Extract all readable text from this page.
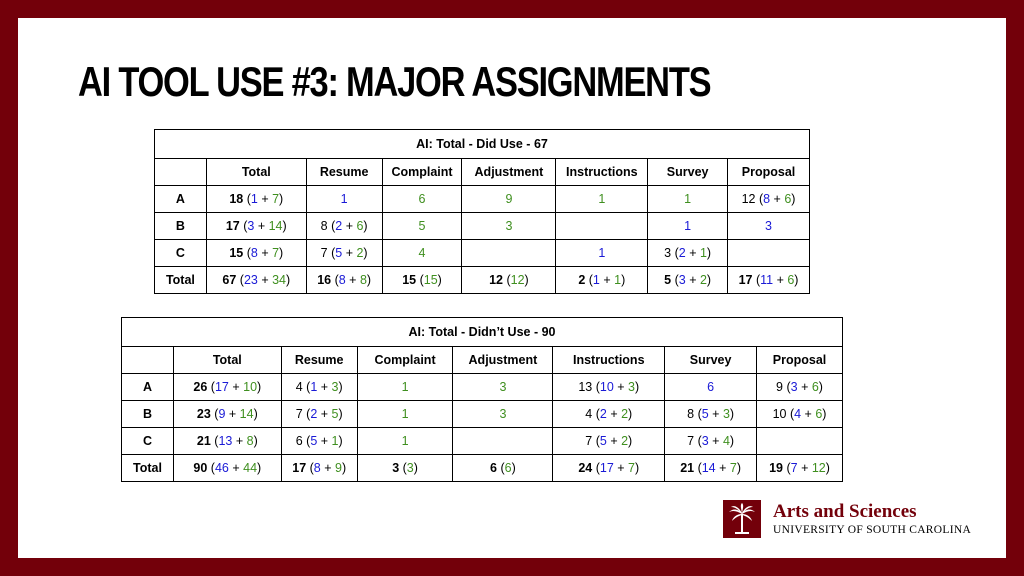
AI TOOL USE #3: MAJOR ASSIGNMENTS
AI: Total - Did Use - 67							
	Total	Resume	Complaint	Adjustment	Instructions	Survey	Proposal
A	18 (1 + 7)	1	6	9	1	1	12 (8 + 6)
B	17 (3 + 14)	8 (2 + 6)	5	3		1	3
C	15 (8 + 7)	7 (5 + 2)	4		1	3 (2 + 1)	
Total	67 (23 + 34)	16 (8 + 8)	15 (15)	12 (12)	2 (1 + 1)	5 (3 + 2)	17 (11 + 6)
AI: Total - Didn’t Use - 90							
	Total	Resume	Complaint	Adjustment	Instructions	Survey	Proposal
A	26 (17 + 10)	4 (1 + 3)	1	3	13 (10 + 3)	6	9 (3 + 6)
B	23 (9 + 14)	7 (2 + 5)	1	3	4 (2 + 2)	8 (5 + 3)	10 (4 + 6)
C	21 (13 + 8)	6 (5 + 1)	1		7 (5 + 2)	7 (3 + 4)	
Total	90 (46 + 44)	17 (8 + 9)	3 (3)	6 (6)	24 (17 + 7)	21 (14 + 7)	19 (7 + 12)
Arts and Sciences
UNIVERSITY OF SOUTH CAROLINA
